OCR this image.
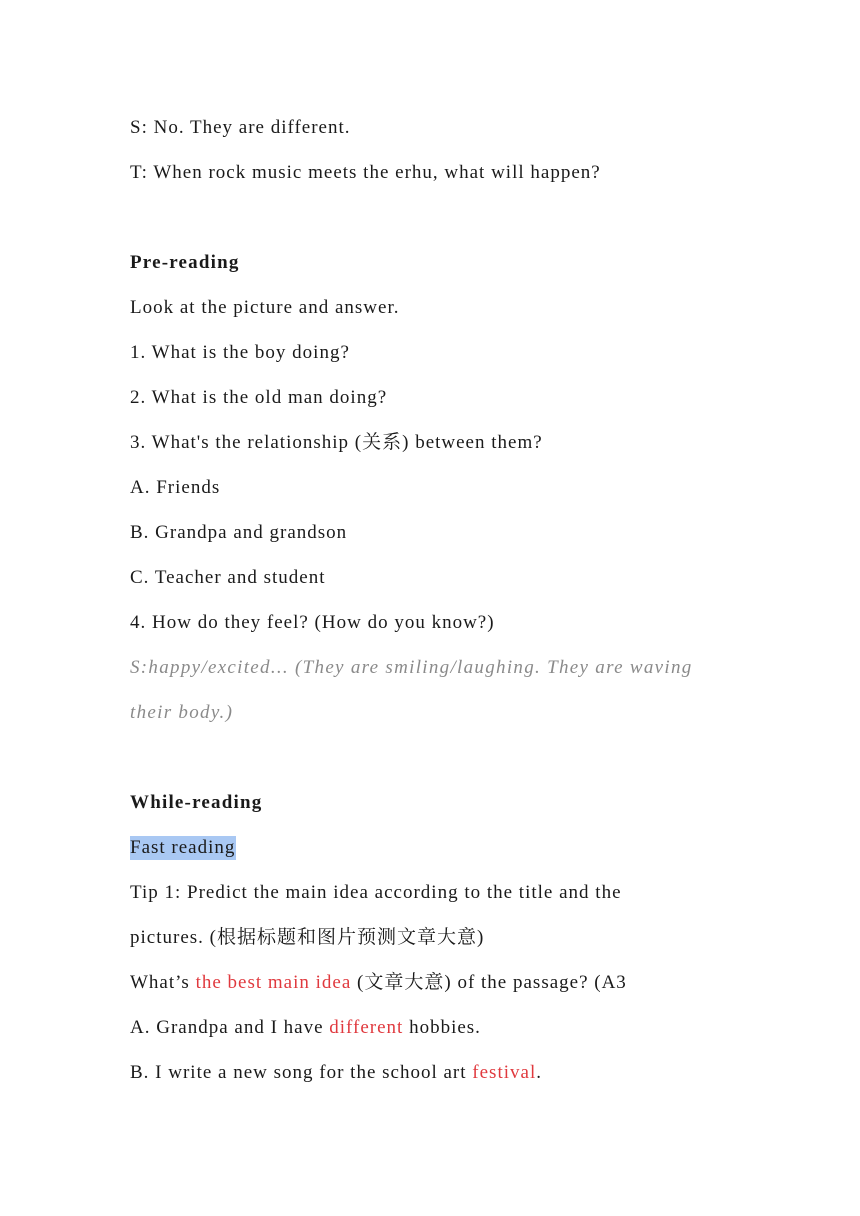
S: No. They are different.
T: When rock music meets the erhu, what will happen?
Pre-reading
Look at the picture and answer.
1. What is the boy doing?
2. What is the old man doing?
3. What's the relationship (关系) between them?
A. Friends
B. Grandpa and grandson
C. Teacher and student
4. How do they feel? (How do you know?)
S:happy/excited... (They are smiling/laughing. They are waving
their body.)
While-reading
Fast reading
Tip 1: Predict the main idea according to the title and the
pictures. (根据标题和图片预测文章大意)
What’s the best main idea (文章大意) of the passage? (A3
A. Grandpa and I have different hobbies.
B. I write a new song for the school art festival.
